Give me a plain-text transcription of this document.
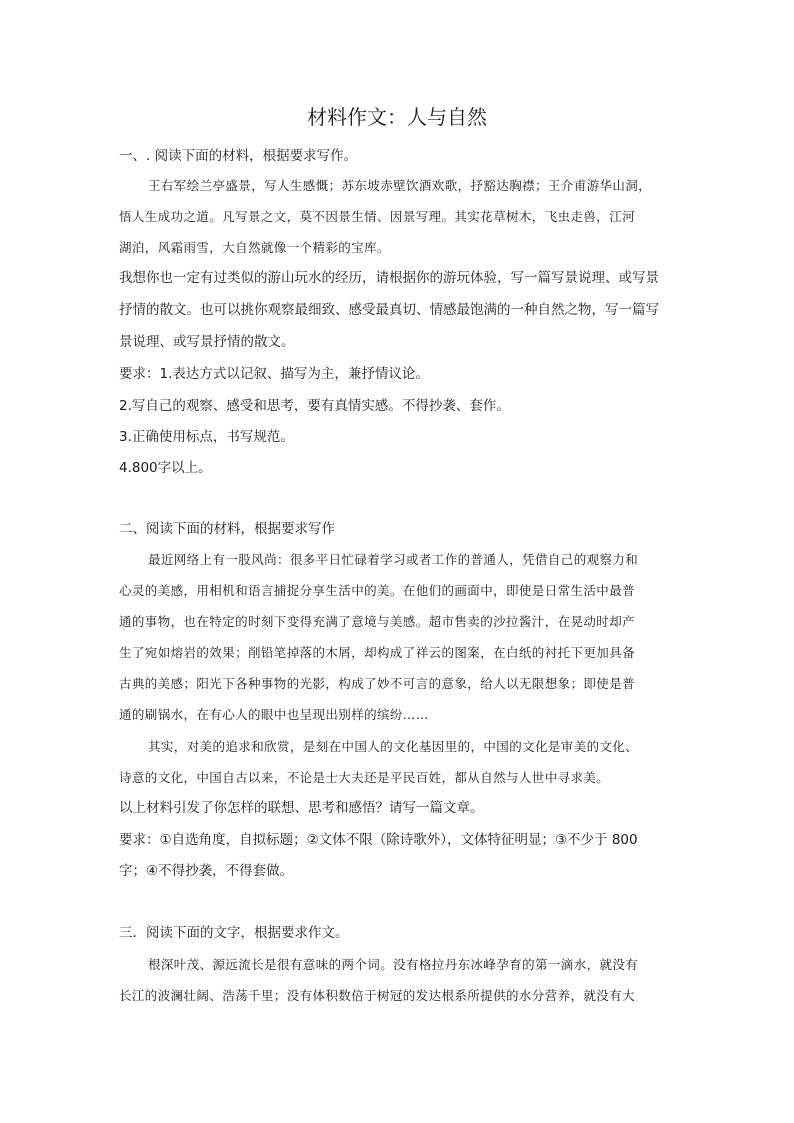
材料作文：人与自然
一、. 阅读下面的材料，根据要求写作。
王右军绘兰亭盛景，写人生感慨；苏东坡赤壁饮酒欢歌，抒豁达胸襟；王介甫游华山洞，
悟人生成功之道。凡写景之文，莫不因景生情、因景写理。其实花草树木，飞虫走兽，江河
湖泊，风霜雨雪，大自然就像一个精彩的宝库。
我想你也一定有过类似的游山玩水的经历，请根据你的游玩体验，写一篇写景说理、或写景
抒情的散文。也可以挑你观察最细致、感受最真切、情感最饱满的一种自然之物，写一篇写
景说理、或写景抒情的散文。
要求：1.表达方式以记叙、描写为主，兼抒情议论。
2.写自己的观察、感受和思考，要有真情实感。不得抄袭、套作。
3.正确使用标点，书写规范。
4.800字以上。
二、阅读下面的材料，根据要求写作
最近网络上有一股风尚：很多平日忙碌着学习或者工作的普通人，凭借自己的观察力和
心灵的美感，用相机和语言捕捉分享生活中的美。在他们的画面中，即使是日常生活中最普
通的事物，也在特定的时刻下变得充满了意境与美感。超市售卖的沙拉酱汁，在晃动时却产
生了宛如熔岩的效果；削铅笔掉落的木屑，却构成了祥云的图案，在白纸的衬托下更加具备
古典的美感；阳光下各种事物的光影，构成了妙不可言的意象，给人以无限想象；即使是普
通的刷锅水，在有心人的眼中也呈现出别样的缤纷……
其实，对美的追求和欣赏，是刻在中国人的文化基因里的，中国的文化是审美的文化、
诗意的文化，中国自古以来，不论是士大夫还是平民百姓，都从自然与人世中寻求美。
以上材料引发了你怎样的联想、思考和感悟？请写一篇文章。
要求：①自选角度，自拟标题；②文体不限（除诗歌外），文体特征明显；③不少于 800
字；④不得抄袭，不得套做。
三．阅读下面的文字，根据要求作文。
根深叶茂、源远流长是很有意味的两个词。没有格拉丹东冰峰孕育的第一滴水，就没有
长江的波澜壮阔、浩荡千里；没有体积数倍于树冠的发达根系所提供的水分营养，就没有大
